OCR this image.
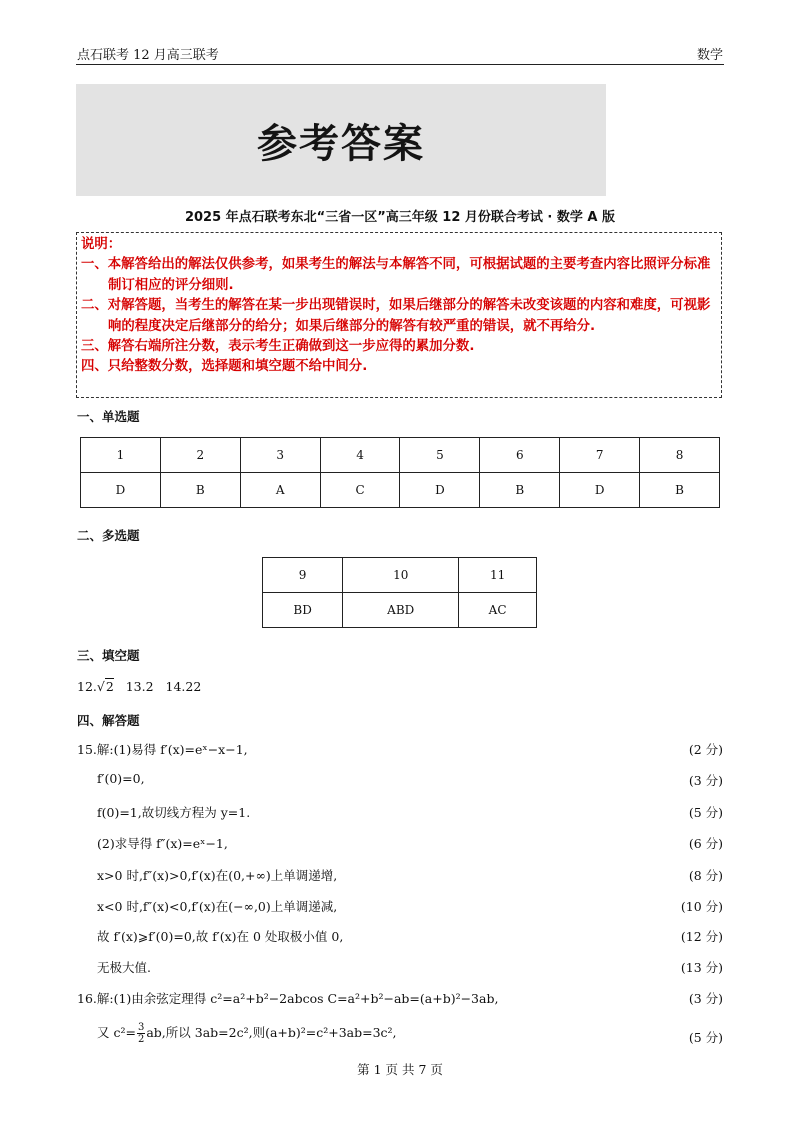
点石联考 12 月高三联考	数学
参考答案
2025 年点石联考东北“三省一区”高三年级 12 月份联合考试 · 数学 A 版
说明：
一、本解答给出的解法仅供参考，如果考生的解法与本解答不同，可根据试题的主要考查内容比照评分标准制订相应的评分细则.
二、对解答题，当考生的解答在某一步出现错误时，如果后继部分的解答未改变该题的内容和难度，可视影响的程度决定后继部分的给分；如果后继部分的解答有较严重的错误，就不再给分.
三、解答右端所注分数，表示考生正确做到这一步应得的累加分数.
四、只给整数分数，选择题和填空题不给中间分.
一、单选题
1	2	3	4	5	6	7	8
D	B	A	C	D	B	D	B
二、多选题
9	10	11
BD	ABD	AC
三、填空题
12.√2 13.2 14.22
四、解答题
15.解:(1)易得 f′(x)=eˣ−x−1,	(2 分)
f′(0)=0,	(3 分)
f(0)=1,故切线方程为 y=1.	(5 分)
(2)求导得 f″(x)=eˣ−1,	(6 分)
x>0 时,f″(x)>0,f′(x)在(0,+∞)上单调递增,	(8 分)
x<0 时,f″(x)<0,f′(x)在(−∞,0)上单调递减,	(10 分)
故 f′(x)⩾f′(0)=0,故 f′(x)在 0 处取极小值 0,	(12 分)
无极大值.	(13 分)
16.解:(1)由余弦定理得 c²=a²+b²−2abcos C=a²+b²−ab=(a+b)²−3ab,	(3 分)
又 $c^2= \frac{3}{2}$ ab,所以 3ab=2c²,则(a+b)²=c²+3ab=3c²,	(5 分)
第 1 页 共 7 页
